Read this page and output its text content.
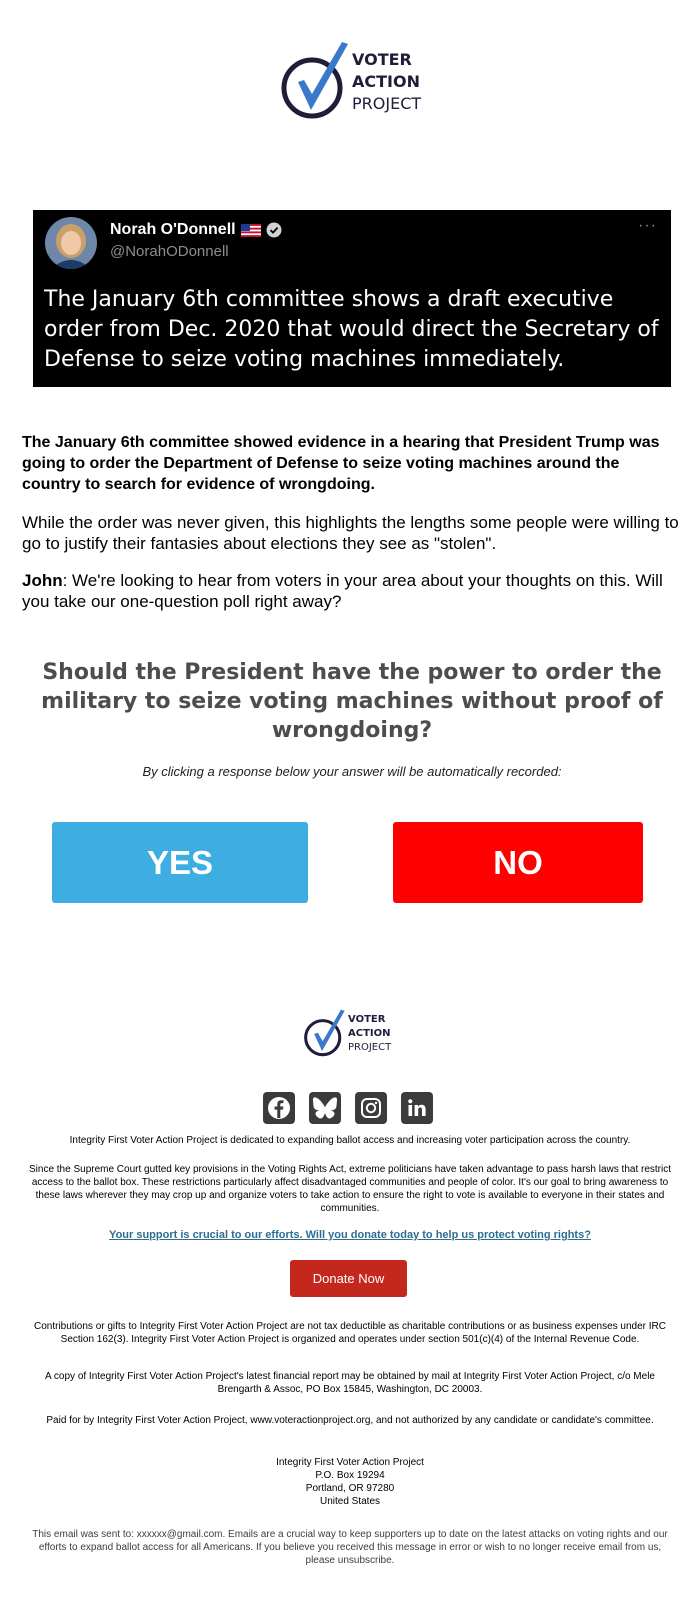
VOTER
ACTION
PROJECT
Norah O'Donnell
@NorahODonnell
···
The January 6th committee shows a draft executive order from Dec. 2020 that would direct the Secretary of Defense to seize voting machines immediately.
The January 6th committee showed evidence in a hearing that President Trump was going to order the Department of Defense to seize voting machines around the country to search for evidence of wrongdoing.
While the order was never given, this highlights the lengths some people were willing to go to justify their fantasies about elections they see as "stolen".
John: We're looking to hear from voters in your area about your thoughts on this. Will you take our one-question poll right away?
Should the President have the power to order the military to seize voting machines without proof of wrongdoing?
By clicking a response below your answer will be automatically recorded:
YES	NO
VOTER
ACTION
PROJECT
Integrity First Voter Action Project is dedicated to expanding ballot access and increasing voter participation across the country.
Since the Supreme Court gutted key provisions in the Voting Rights Act, extreme politicians have taken advantage to pass harsh laws that restrict access to the ballot box. These restrictions particularly affect disadvantaged communities and people of color. It's our goal to bring awareness to these laws wherever they may crop up and organize voters to take action to ensure the right to vote is available to everyone in their states and communities.
Your support is crucial to our efforts. Will you donate today to help us protect voting rights?
Donate Now
Contributions or gifts to Integrity First Voter Action Project are not tax deductible as charitable contributions or as business expenses under IRC Section 162(3). Integrity First Voter Action Project is organized and operates under section 501(c)(4) of the Internal Revenue Code.
A copy of Integrity First Voter Action Project's latest financial report may be obtained by mail at Integrity First Voter Action Project, c/o Mele Brengarth & Assoc, PO Box 15845, Washington, DC 20003.
Paid for by Integrity First Voter Action Project, www.voteractionproject.org, and not authorized by any candidate or candidate's committee.
Integrity First Voter Action Project
P.O. Box 19294
Portland, OR 97280
United States
This email was sent to: xxxxxx@gmail.com. Emails are a crucial way to keep supporters up to date on the latest attacks on voting rights and our efforts to expand ballot access for all Americans. If you believe you received this message in error or wish to no longer receive email from us, please unsubscribe.
